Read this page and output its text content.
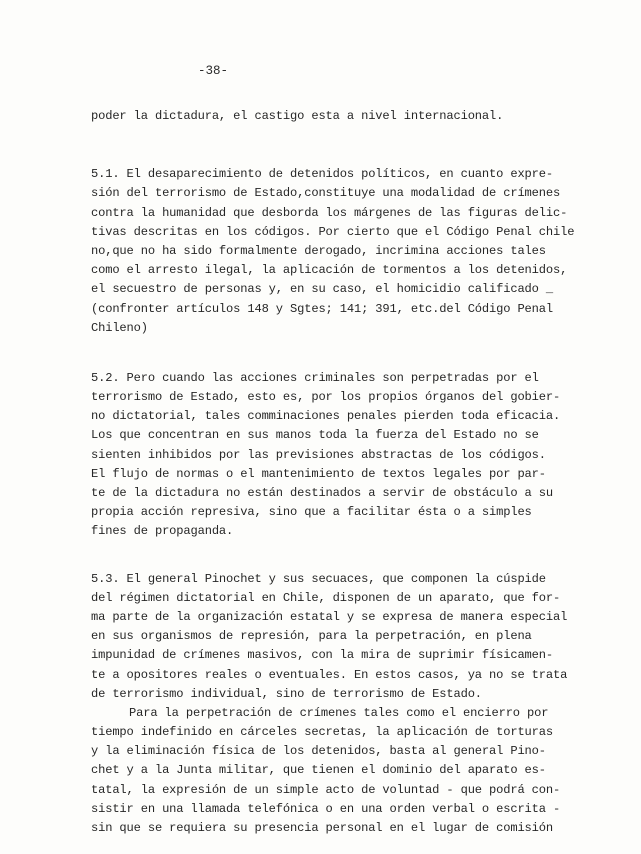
-38-
poder la dictadura, el castigo esta a nivel internacional.
5.1. El desaparecimiento de detenidos políticos, en cuanto expre-
sión del terrorismo de Estado,constituye una modalidad de crímenes
contra la humanidad que desborda los márgenes de las figuras delic-
tivas descritas en los códigos. Por cierto que el Código Penal chile
no,que no ha sido formalmente derogado, incrimina acciones tales
como el arresto ilegal, la aplicación de tormentos a los detenidos,
el secuestro de personas y, en su caso, el homicidio calificado _
(confronter artículos 148 y Sgtes; 141; 391, etc.del Código Penal
Chileno)
5.2. Pero cuando las acciones criminales son perpetradas por el
terrorismo de Estado, esto es, por los propios órganos del gobier-
no dictatorial, tales comminaciones penales pierden toda eficacia.
Los que concentran en sus manos toda la fuerza del Estado no se
sienten inhibidos por las previsiones abstractas de los códigos.
El flujo de normas o el mantenimiento de textos legales por par-
te de la dictadura no están destinados a servir de obstáculo a su
propia acción represiva, sino que a facilitar ésta o a simples
fines de propaganda.
5.3. El general Pinochet y sus secuaces, que componen la cúspide
del régimen dictatorial en Chile, disponen de un aparato, que for-
ma parte de la organización estatal y se expresa de manera especial
en sus organismos de represión, para la perpetración, en plena
impunidad de crímenes masivos, con la mira de suprimir físicamen-
te a opositores reales o eventuales. En estos casos, ya no se trata
de terrorismo individual, sino de terrorismo de Estado.
Para la perpetración de crímenes tales como el encierro por
tiempo indefinido en cárceles secretas, la aplicación de torturas
y la eliminación física de los detenidos, basta al general Pino-
chet y a la Junta militar, que tienen el dominio del aparato es-
tatal, la expresión de un simple acto de voluntad - que podrá con-
sistir en una llamada telefónica o en una orden verbal o escrita -
sin que se requiera su presencia personal en el lugar de comisión
